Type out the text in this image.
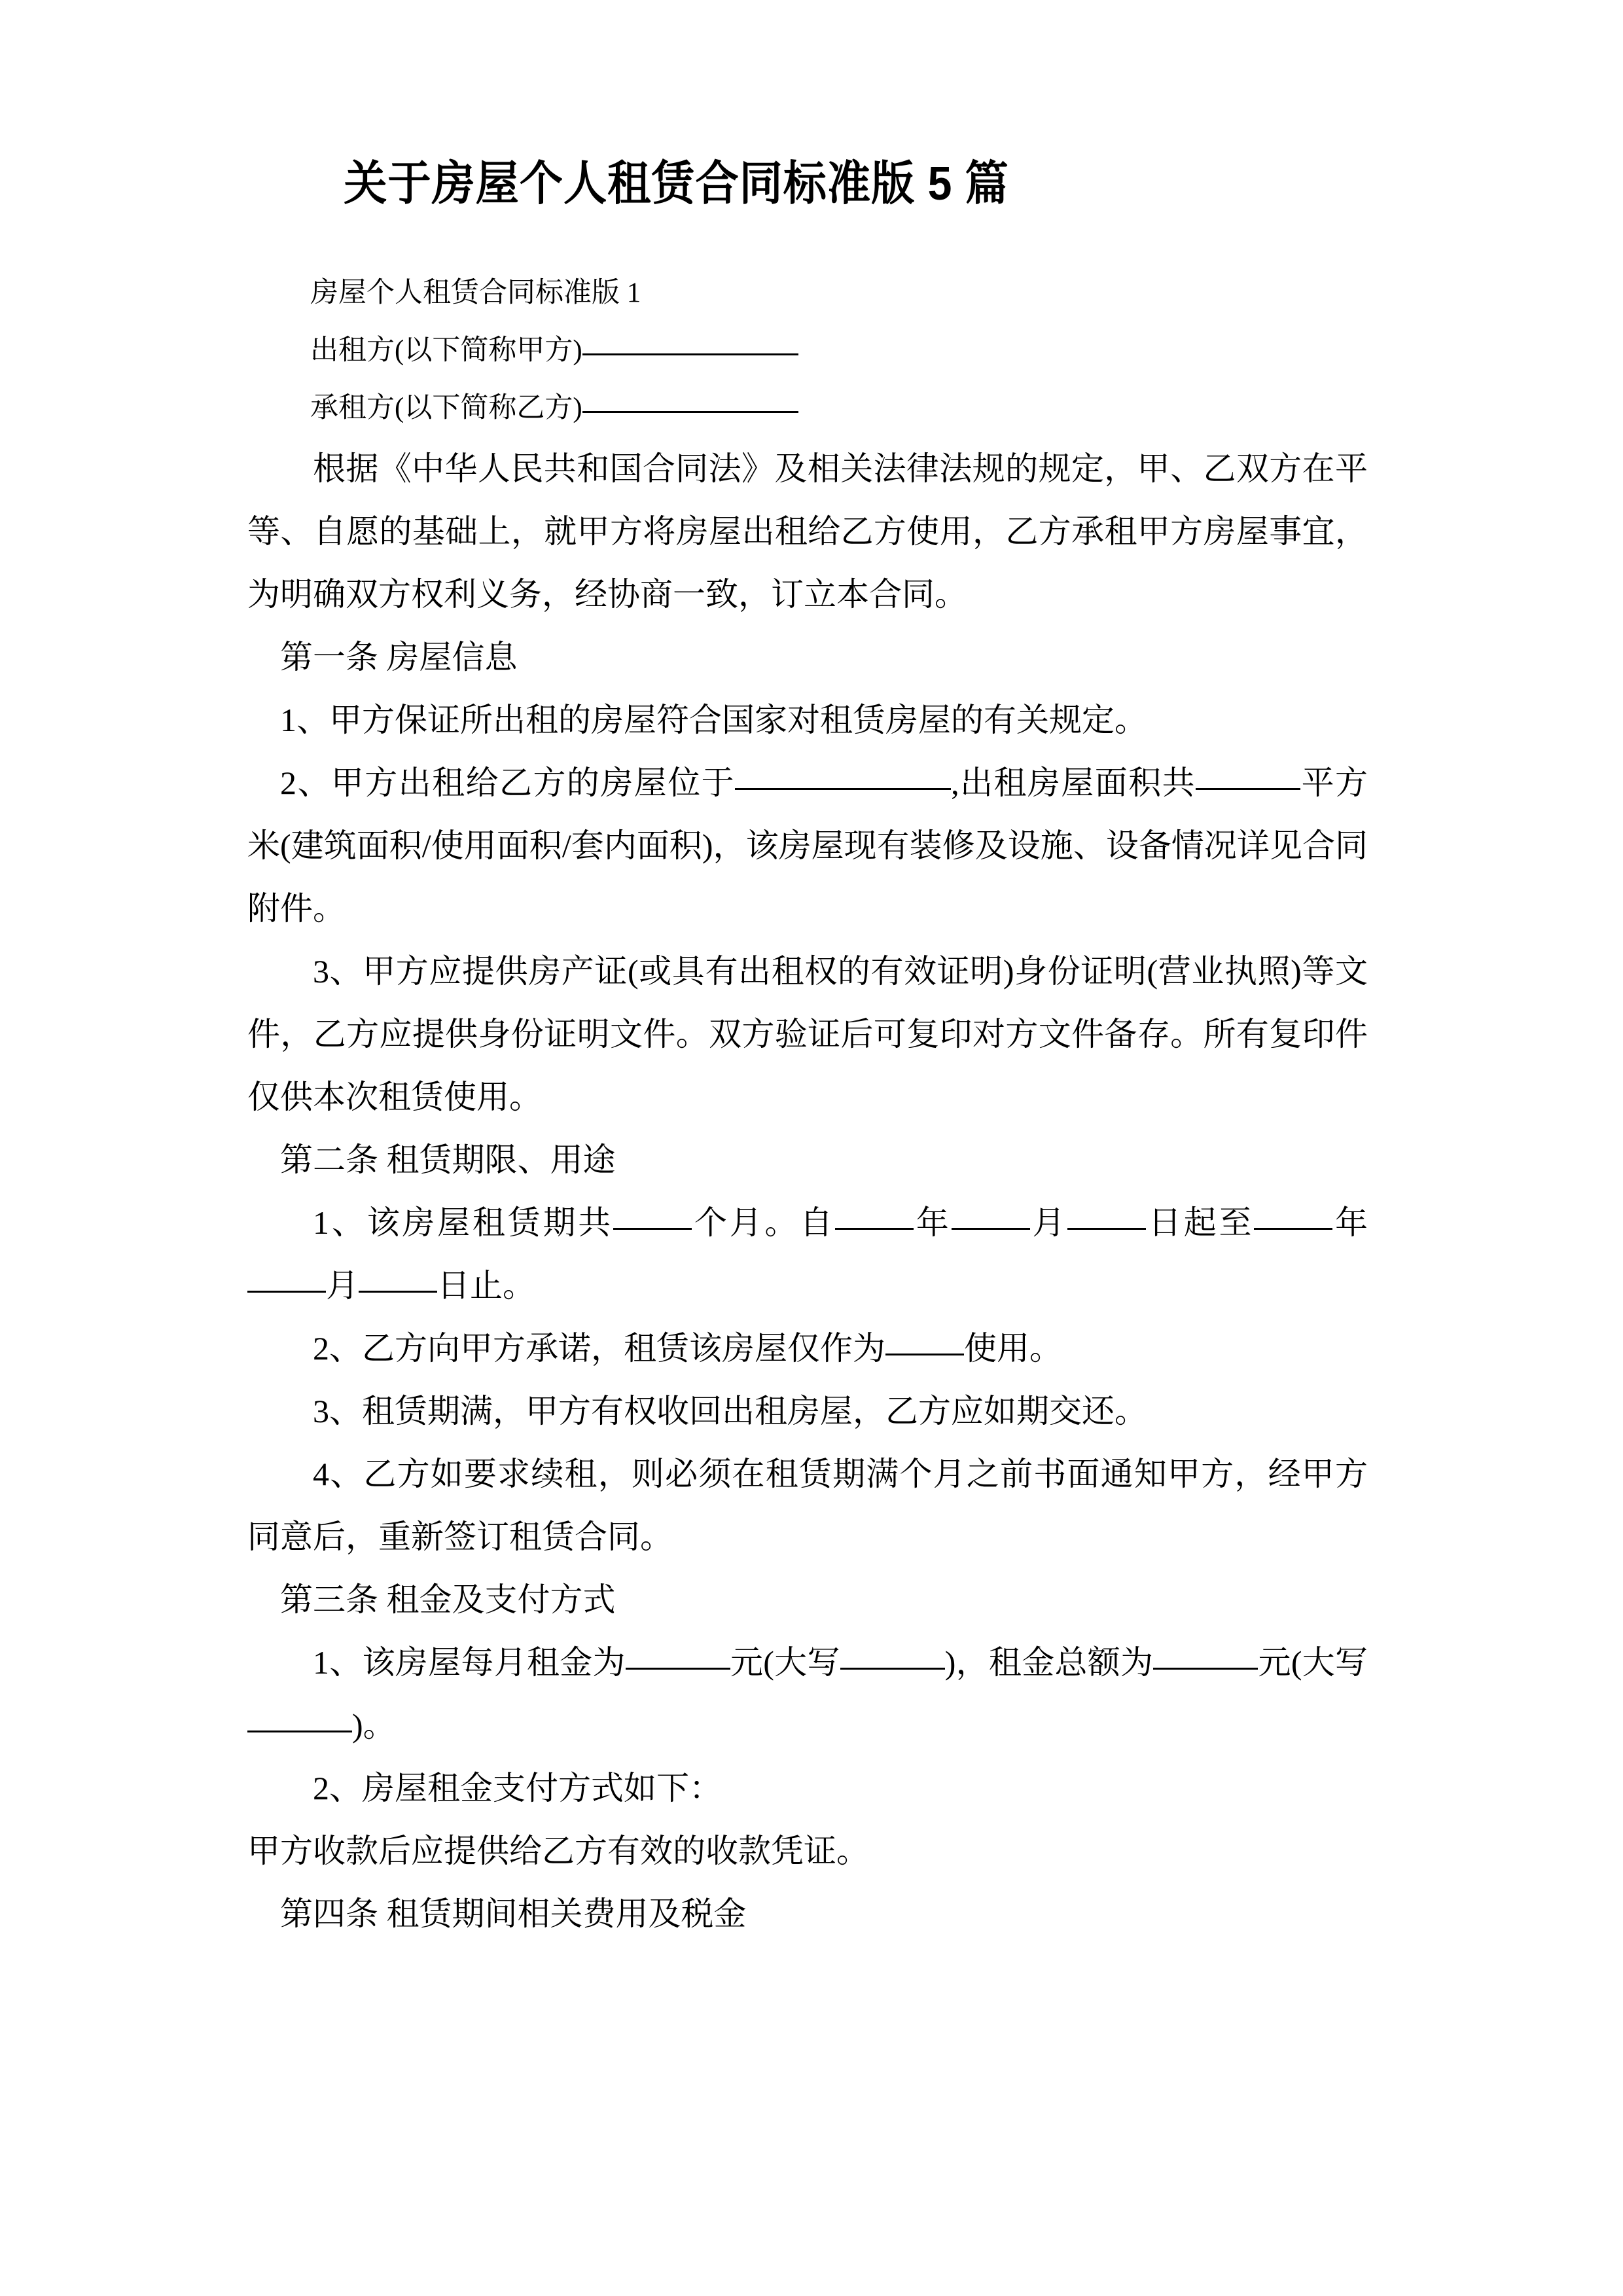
关于房屋个人租赁合同标准版 5 篇

房屋个人租赁合同标准版 1

出租方(以下简称甲方)

承租方(以下简称乙方)

根据《中华人民共和国合同法》及相关法律法规的规定，甲、乙双方在平等、自愿的基础上，就甲方将房屋出租给乙方使用，乙方承租甲方房屋事宜，为明确双方权利义务，经协商一致，订立本合同。

第一条 房屋信息

1、甲方保证所出租的房屋符合国家对租赁房屋的有关规定。

2、甲方出租给乙方的房屋位于	,出租房屋面积共	平方米(建筑面积/使用面积/套内面积)，该房屋现有装修及设施、设备情况详见合同附件。

3、甲方应提供房产证(或具有出租权的有效证明)身份证明(营业执照)等文件，乙方应提供身份证明文件。双方验证后可复印对方文件备存。所有复印件仅供本次租赁使用。

第二条 租赁期限、用途

1、该房屋租赁期共 个月。自 年 月 日起至 年月 日止。

2、乙方向甲方承诺，租赁该房屋仅作为 使用。

3、租赁期满，甲方有权收回出租房屋，乙方应如期交还。

4、乙方如要求续租，则必须在租赁期满个月之前书面通知甲方，经甲方同意后，重新签订租赁合同。

第三条 租金及支付方式

1、该房屋每月租金为	元(大写	)，租金总额为	元(大写)。

2、房屋租金支付方式如下：

甲方收款后应提供给乙方有效的收款凭证。

第四条 租赁期间相关费用及税金
